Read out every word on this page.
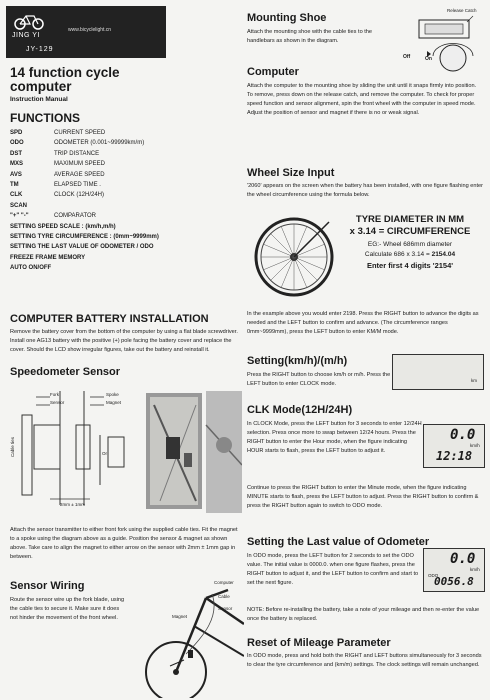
www.bicyclelight.cn
JING YI
JY-129
14 function cycle computer
Instruction Manual
FUNCTIONS
SPD	CURRENT SPEED
ODO	ODOMETER (0.001~99999km/m)
DST	TRIP DISTANCE
MXS	MAXIMUM SPEED
AVS	AVERAGE SPEED
TM	ELAPSED TIME .
CLK	CLOCK (12H/24H)
SCAN
"+" "-"	COMPARATOR
SETTING SPEED SCALE : (km/h,m/h)
SETTING TYRE CIRCUMFERENCE : (0mm~9999mm)
SETTING THE LAST VALUE OF ODOMETER / ODO
FREEZE FRAME MEMORY
AUTO ON/OFF
COMPUTER BATTERY INSTALLATION
Remove the battery cover from the bottom of the computer by using a flat blade screwdriver. Install one AG13 battery with the positive (+) pole facing the battery cover and replace the cover. Should the LCD show irregular figures, take out the battery and reinstall it.
Speedometer Sensor
Fork
Sensor
Spoke
Magnet
Cable ties
2mm ± 1mm
Or
Attach the sensor transmitter to either front fork using the supplied cable ties. Fit the magnet to a spoke using the diagram above as a guide. Position the sensor & magnet as shown above. Take care to align the magnet to either arrow on the sensor with 2mm ± 1mm gap in between.
Sensor Wiring
Route the sensor wire up the fork blade, using the cable ties to secure it. Make sure it does not hinder the movement of the front wheel.
Computer
Cable
Sensor
Magnet
Mounting Shoe
Attach the mounting shoe with the cable ties to the handlebars as shown in the diagram.
Release Catch
Off	On
Computer
Attach the computer to the mounting shoe by sliding the unit until it snaps firmly into position. To remove, press down on the release catch, and remove the computer. To check for proper speed function and sensor alignment, spin the front wheel with the computer in speed mode. Adjust the position of sensor and magnet if there is no or weak signal.
Wheel Size Input
'2060' appears on the screen when the battery has been installed, with one figure flashing enter the wheel circumference using the formula below.
TYRE DIAMETER IN MM
x 3.14 = CIRCUMFERENCE
EG:- Wheel 686mm diameter
Calculate 686 x 3.14 = 2154.04
Enter first 4 digits '2154'
In the example above you would enter 2198. Press the RIGHT button to advance the digits as needed and the LEFT button to confirm and advance. (The circumference ranges 0mm~9999mm), press the LEFT button to enter KM/M mode.
Setting(km/h)/(m/h)
Press the RIGHT button to choose km/h or m/h. Press the LEFT button to enter CLOCK mode.
km
CLK Mode(12H/24H)
In CLOCK Mode, press the LEFT button for 3 seconds to enter 12/24H selection. Press once more to swap between 12/24 hours. Press the RIGHT button to enter the Hour mode, when the figure indicating HOUR starts to flash, press the LEFT button to adjust it.
0.0
km/h
12:18
Continue to press the RIGHT button to enter the Minute mode, when the figure indicating MINUTE starts to flash, press the LEFT button to adjust. Press the RIGHT button to confirm & press the RIGHT button again to switch to ODO mode.
Setting the Last value of Odometer
In ODO mode, press the LEFT button for 2 seconds to set the ODO value. The initial value is 0000.0. when one figure flashes, press the RIGHT button to adjust it, and the LEFT button to confirm and start to set the next figure.
0.0
km/h
ODO
0056.8
NOTE: Before re-installing the battery, take a note of your mileage and then re-enter the value once the battery is replaced.
Reset of Mileage Parameter
In ODO mode, press and hold both the RIGHT and LEFT buttons simultaneously for 3 seconds to clear the tyre circumference and (km/m) settings. The clock settings will remain unchanged.
